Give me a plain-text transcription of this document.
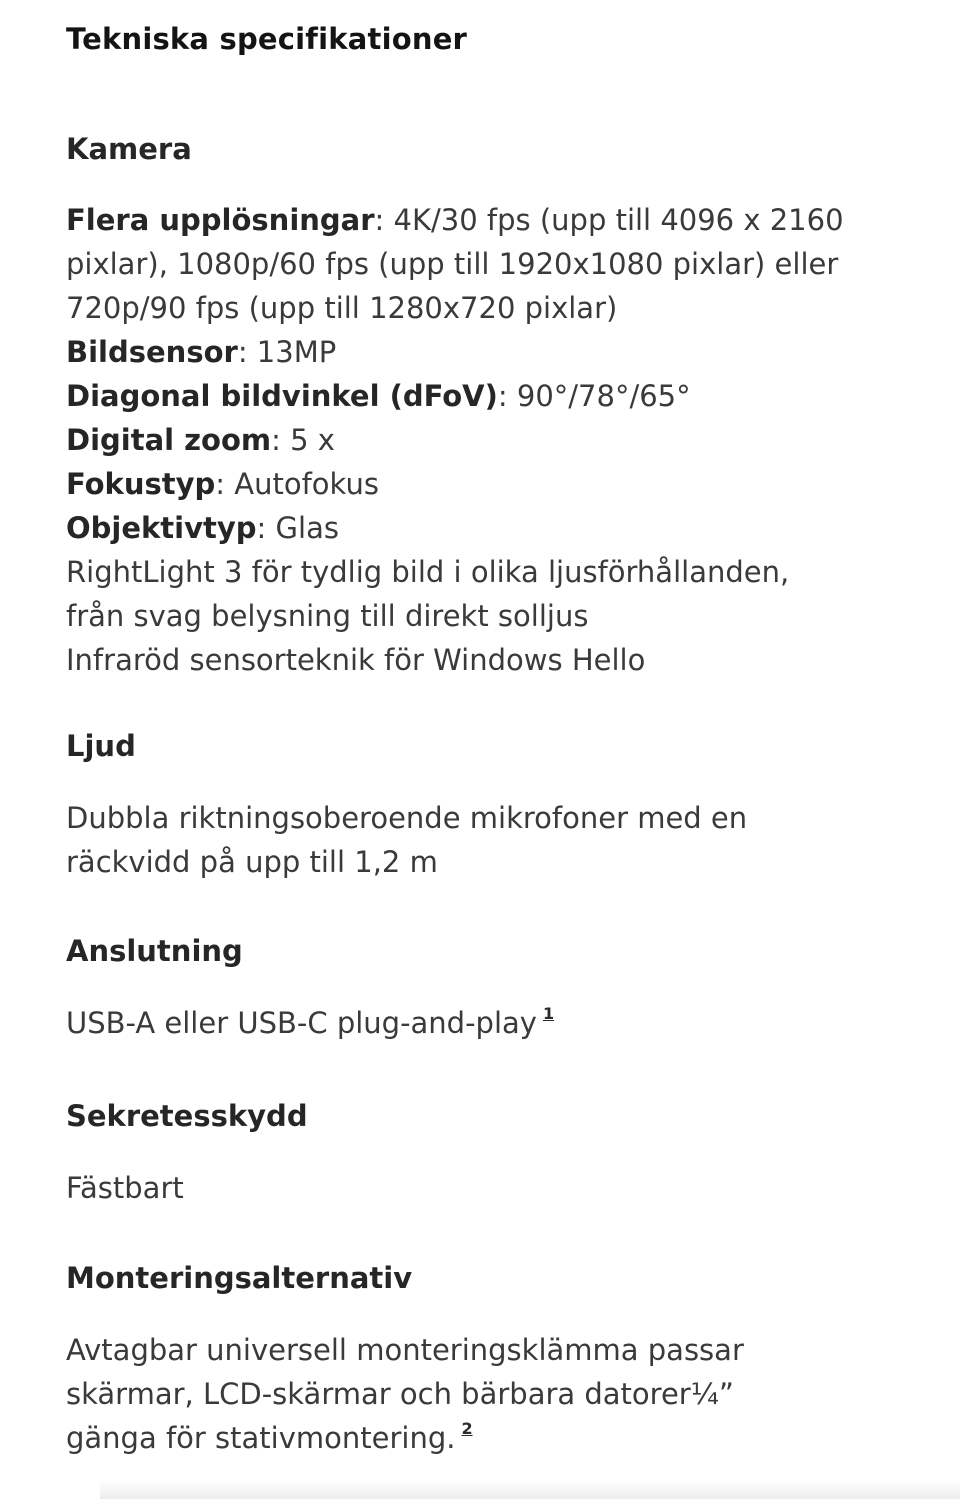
Tekniska specifikationer
Kamera
Flera upplösningar: 4K/30 fps (upp till 4096 x 2160
pixlar), 1080p/60 fps (upp till 1920x1080 pixlar) eller
720p/90 fps (upp till 1280x720 pixlar)
Bildsensor: 13MP
Diagonal bildvinkel (dFoV): 90°/78°/65°
Digital zoom: 5 x
Fokustyp: Autofokus
Objektivtyp: Glas
RightLight 3 för tydlig bild i olika ljusförhållanden,
från svag belysning till direkt solljus
Infraröd sensorteknik för Windows Hello
Ljud
Dubbla riktningsoberoende mikrofoner med en
räckvidd på upp till 1,2 m
Anslutning
USB-A eller USB-C plug-and-play 1
Sekretesskydd
Fästbart
Monteringsalternativ
Avtagbar universell monteringsklämma passar
skärmar, LCD-skärmar och bärbara datorer¼”
gänga för stativmontering. 2
